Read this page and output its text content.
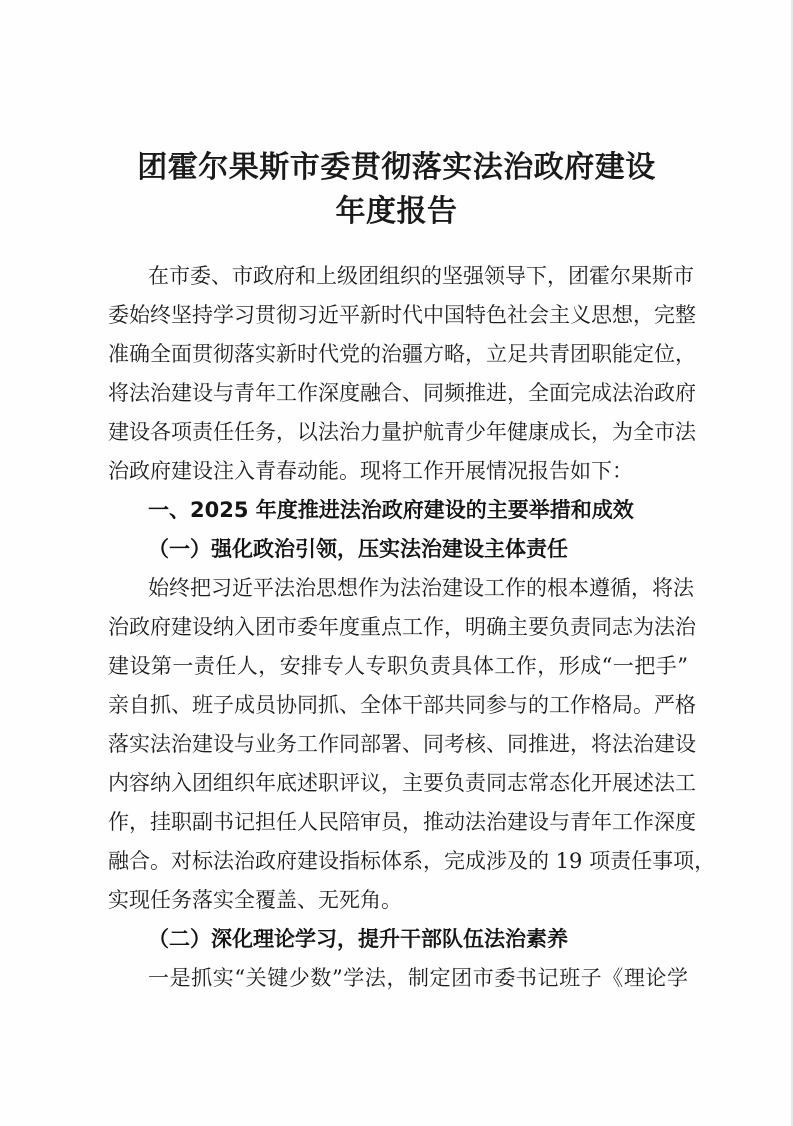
团霍尔果斯市委贯彻落实法治政府建设
年度报告
在市委、市政府和上级团组织的坚强领导下，团霍尔果斯市
委始终坚持学习贯彻习近平新时代中国特色社会主义思想，完整
准确全面贯彻落实新时代党的治疆方略，立足共青团职能定位，
将法治建设与青年工作深度融合、同频推进，全面完成法治政府
建设各项责任任务，以法治力量护航青少年健康成长，为全市法
治政府建设注入青春动能。现将工作开展情况报告如下：
一、2025 年度推进法治政府建设的主要举措和成效
（一）强化政治引领，压实法治建设主体责任
始终把习近平法治思想作为法治建设工作的根本遵循，将法
治政府建设纳入团市委年度重点工作，明确主要负责同志为法治
建设第一责任人，安排专人专职负责具体工作，形成“一把手”
亲自抓、班子成员协同抓、全体干部共同参与的工作格局。严格
落实法治建设与业务工作同部署、同考核、同推进，将法治建设
内容纳入团组织年底述职评议，主要负责同志常态化开展述法工
作，挂职副书记担任人民陪审员，推动法治建设与青年工作深度
融合。对标法治政府建设指标体系，完成涉及的 19 项责任事项，
实现任务落实全覆盖、无死角。
（二）深化理论学习，提升干部队伍法治素养
一是抓实“关键少数”学法，制定团市委书记班子《理论学
